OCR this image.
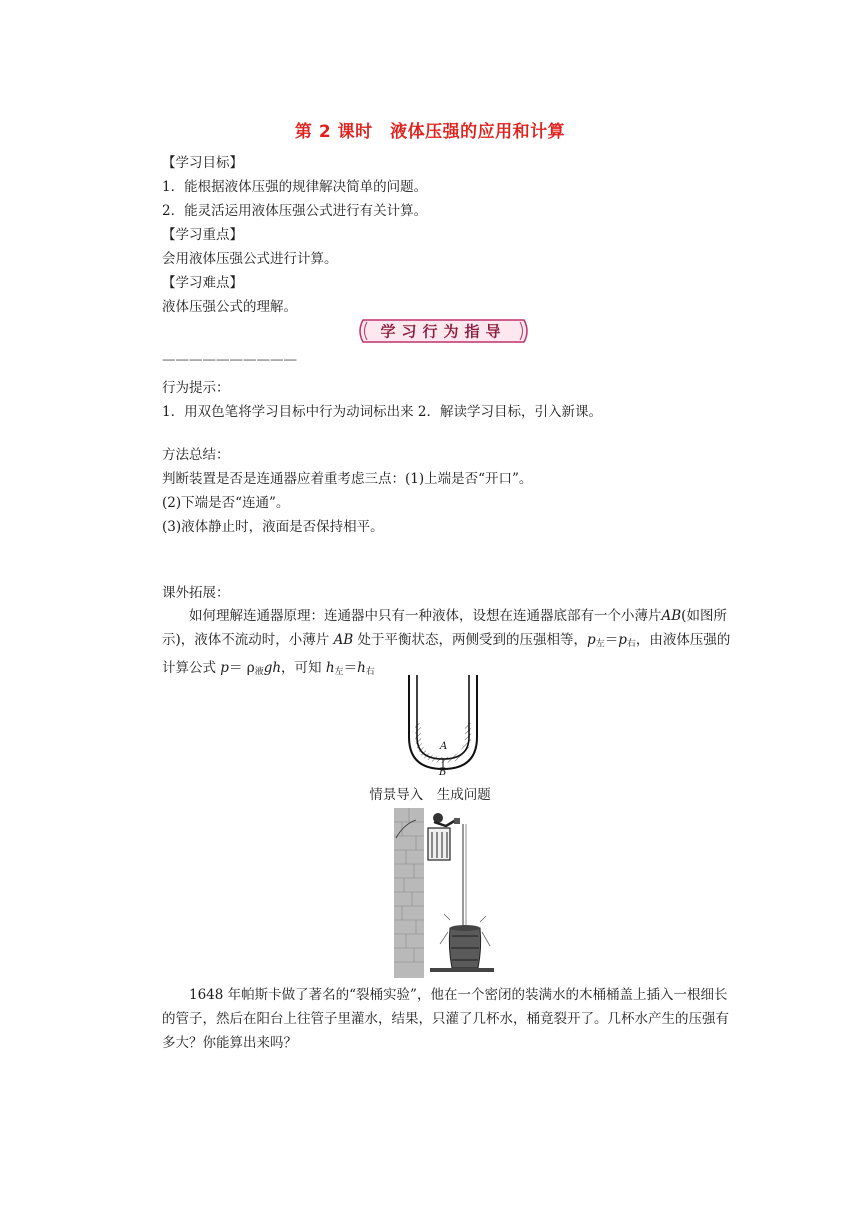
第 2 课时　液体压强的应用和计算
【学习目标】
1．能根据液体压强的规律解决简单的问题。
2．能灵活运用液体压强公式进行有关计算。
【学习重点】
会用液体压强公式进行计算。
【学习难点】
液体压强公式的理解。
学习行为指导
——————————
行为提示：
1．用双色笔将学习目标中行为动词标出来 2．解读学习目标，引入新课。
方法总结：
判断装置是否是连通器应着重考虑三点：(1)上端是否“开口”。
(2)下端是否“连通”。
(3)液体静止时，液面是否保持相平。
课外拓展：
如何理解连通器原理：连通器中只有一种液体，设想在连通器底部有一个小薄片AB(如图所示)，液体不流动时，小薄片 AB 处于平衡状态，两侧受到的压强相等，$p_左=p_右$，由液体压强的计算公式 $p= \rho_液gh$，可知 $h_左=h_右$
A
B
情景导入　生成问题
1648 年帕斯卡做了著名的“裂桶实验”，他在一个密闭的装满水的木桶桶盖上插入一根细长的管子，然后在阳台上往管子里灌水，结果，只灌了几杯水，桶竟裂开了。几杯水产生的压强有多大？你能算出来吗？
